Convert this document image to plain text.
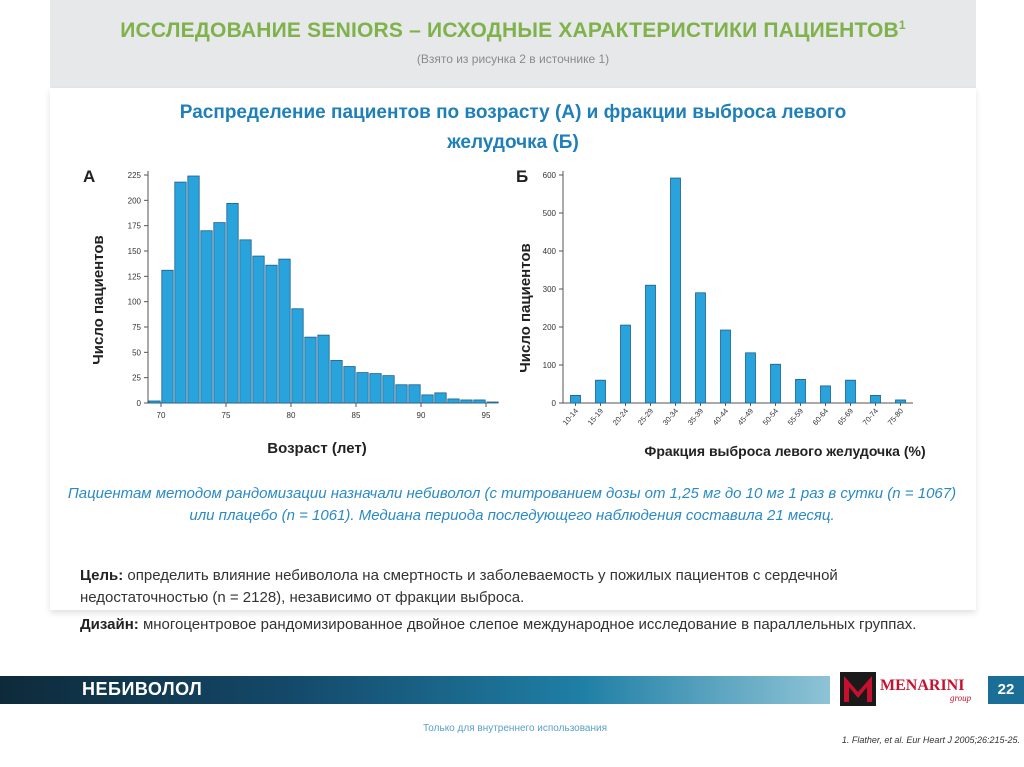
ИССЛЕДОВАНИЕ SENIORS – ИСХОДНЫЕ ХАРАКТЕРИСТИКИ ПАЦИЕНТОВ$^1$
(Взято из рисунка 2 в источнике 1)
Распределение пациентов по возрасту (А) и фракции выброса левого
желудочка (Б)
А
0
25
50
75
100
125
150
175
200
225
70	75	80	85	90	95
Возраст (лет)
Число пациентов
Б
0
100
200
300
400
500
600
10-14 15-19 20-24 25-29 30-34 35-39 40-44 45-49 50-54 55-59 60-64 65-69 70-74 75-80
Фракция выброса левого желудочка (%)
Число пациентов
Пациентам методом рандомизации назначали небиволол (с титрованием дозы от 1,25 мг до 10 мг 1 раз в сутки (n = 1067) или плацебо (n = 1061). Медиана периода последующего наблюдения составила 21 месяц.
Цель: определить влияние небиволола на смертность и заболеваемость у пожилых пациентов с сердечной недостаточностью (n = 2128), независимо от фракции выброса.
Дизайн: многоцентровое рандомизированное двойное слепое международное исследование в параллельных группах.
НЕБИВОЛОЛ	MENARINI
group	22
Только для внутреннего использования
1. Flather, et al. Eur Heart J 2005;26:215-25.
